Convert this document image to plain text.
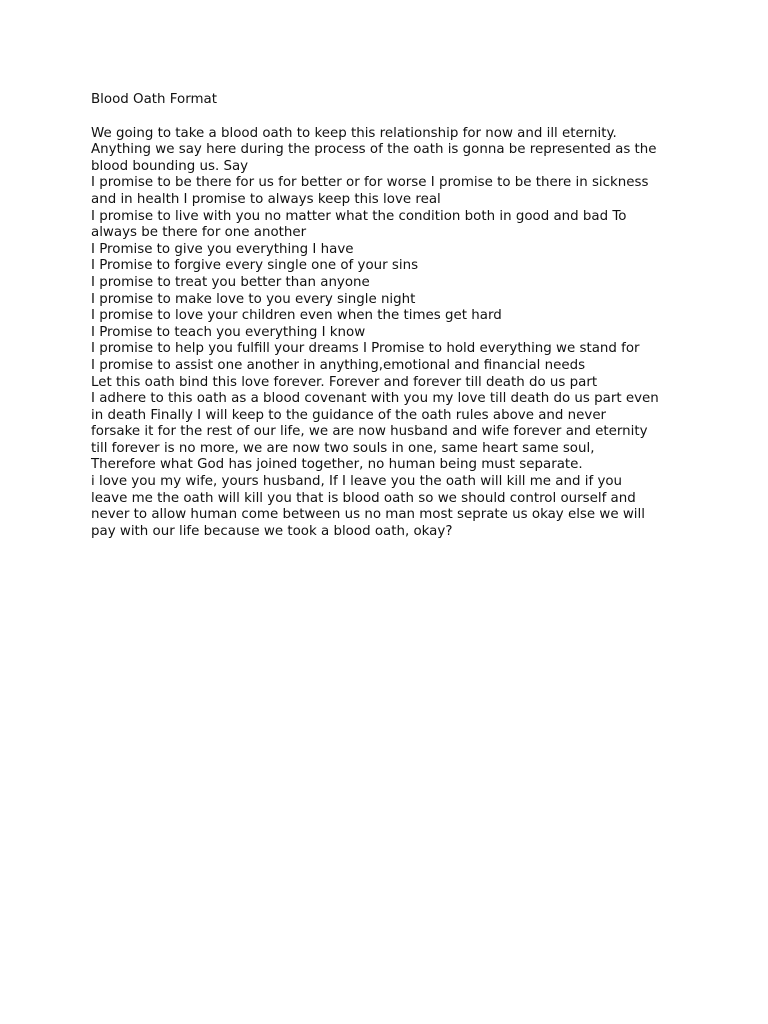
Blood Oath Format
We going to take a blood oath to keep this relationship for now and ill eternity.
Anything we say here during the process of the oath is gonna be represented as the
blood bounding us. Say
I promise to be there for us for better or for worse I promise to be there in sickness
and in health I promise to always keep this love real
I promise to live with you no matter what the condition both in good and bad To
always be there for one another
I Promise to give you everything I have
I Promise to forgive every single one of your sins
I promise to treat you better than anyone
I promise to make love to you every single night
I promise to love your children even when the times get hard
I Promise to teach you everything I know
I promise to help you fulfill your dreams I Promise to hold everything we stand for
I promise to assist one another in anything,emotional and financial needs
Let this oath bind this love forever. Forever and forever till death do us part
I adhere to this oath as a blood covenant with you my love till death do us part even
in death Finally I will keep to the guidance of the oath rules above and never
forsake it for the rest of our life, we are now husband and wife forever and eternity
till forever is no more, we are now two souls in one, same heart same soul,
Therefore what God has joined together, no human being must separate.
i love you my wife, yours husband, If I leave you the oath will kill me and if you
leave me the oath will kill you that is blood oath so we should control ourself and
never to allow human come between us no man most seprate us okay else we will
pay with our life because we took a blood oath, okay?
